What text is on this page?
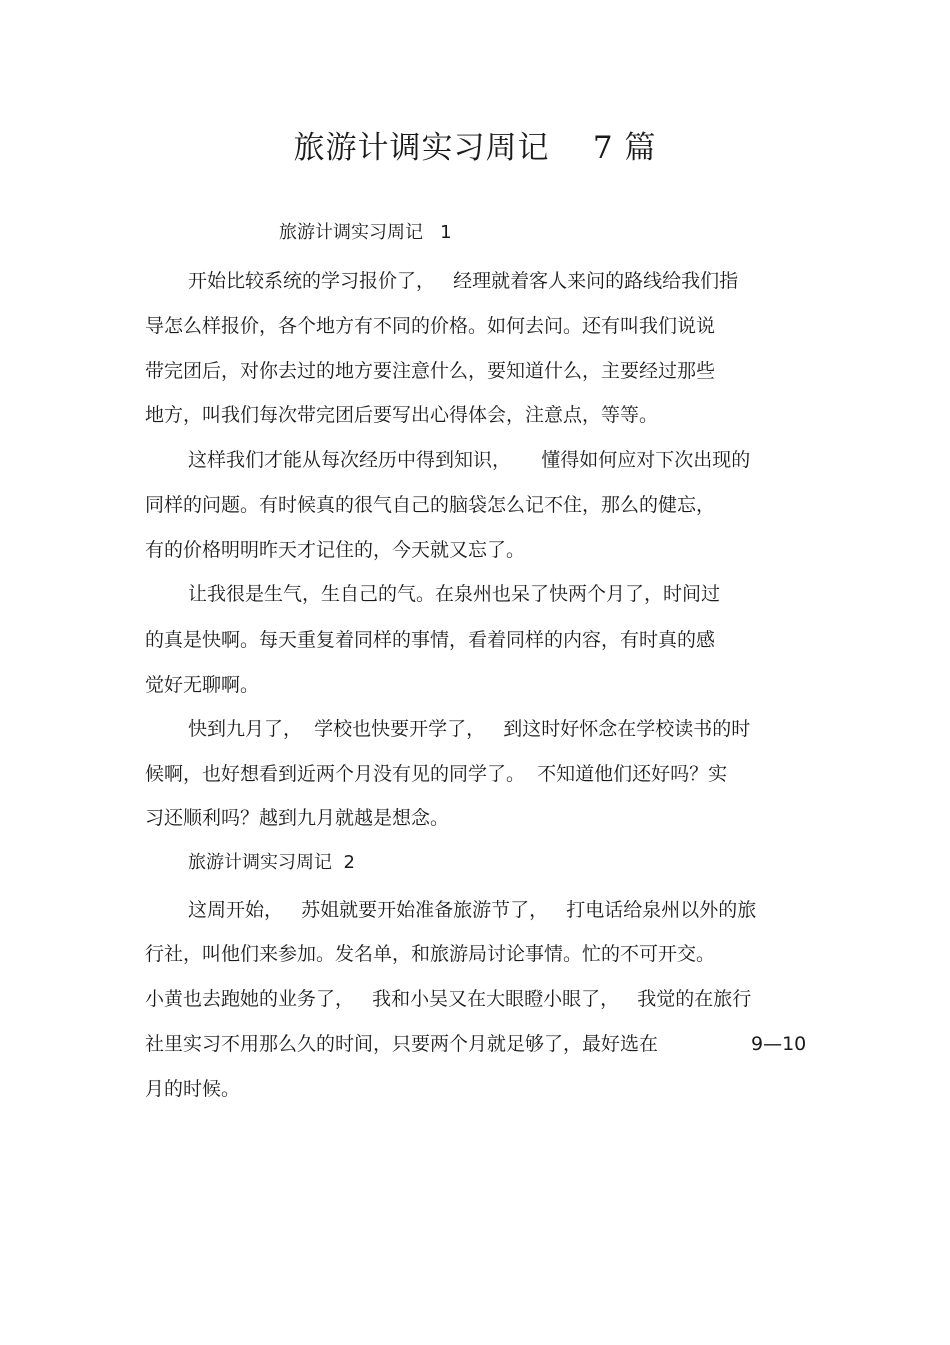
旅游计调实习周记    7 篇

旅游计调实习周记   1

开始比较系统的学习报价了，   经理就着客人来问的路线给我们指

导怎么样报价，各个地方有不同的价格。如何去问。还有叫我们说说

带完团后，对你去过的地方要注意什么，要知道什么，主要经过那些

地方，叫我们每次带完团后要写出心得体会，注意点，等等。

这样我们才能从每次经历中得到知识，     懂得如何应对下次出现的

同样的问题。有时候真的很气自己的脑袋怎么记不住，那么的健忘，

有的价格明明昨天才记住的，今天就又忘了。

让我很是生气，生自己的气。在泉州也呆了快两个月了，时间过

的真是快啊。每天重复着同样的事情，看着同样的内容，有时真的感

觉好无聊啊。

快到九月了，  学校也快要开学了，   到这时好怀念在学校读书的时

候啊，也好想看到近两个月没有见的同学了。  不知道他们还好吗？实

习还顺利吗？越到九月就越是想念。

旅游计调实习周记  2

这周开始，   苏姐就要开始准备旅游节了，   打电话给泉州以外的旅

行社，叫他们来参加。发名单，和旅游局讨论事情。忙的不可开交。

小黄也去跑她的业务了，   我和小吴又在大眼瞪小眼了，   我觉的在旅行

社里实习不用那么久的时间，只要两个月就足够了，最好选在	9—10

月的时候。
